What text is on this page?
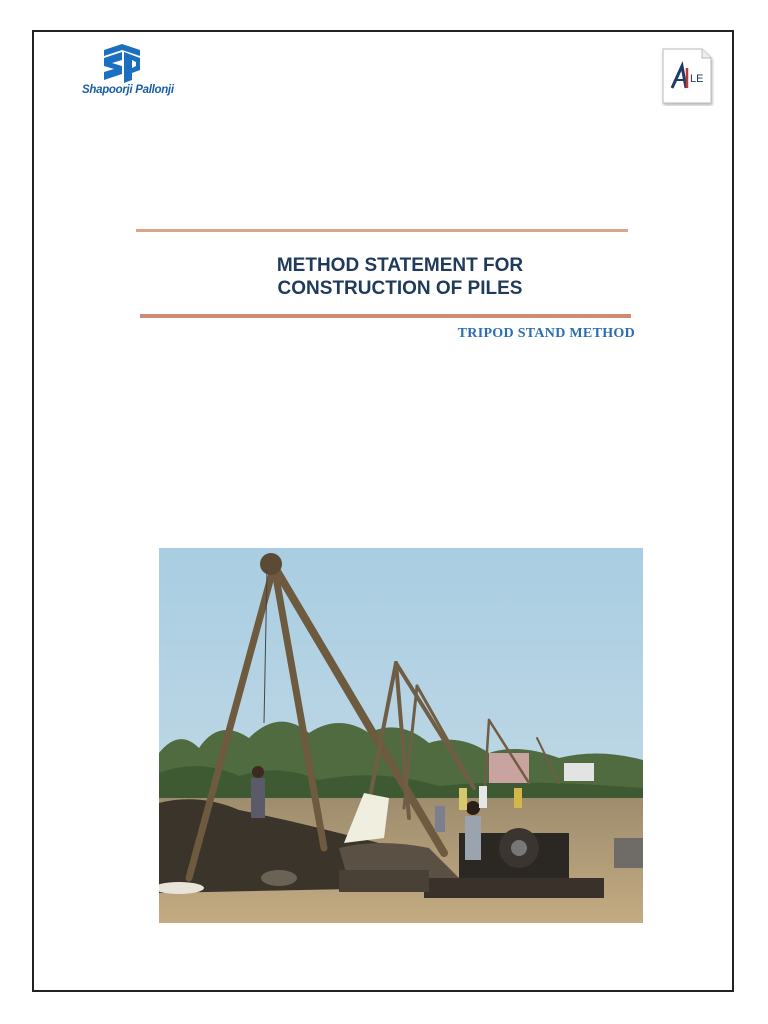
Shapoorji Pallonji
LE
METHOD STATEMENT FOR
CONSTRUCTION OF PILES
TRIPOD STAND METHOD
